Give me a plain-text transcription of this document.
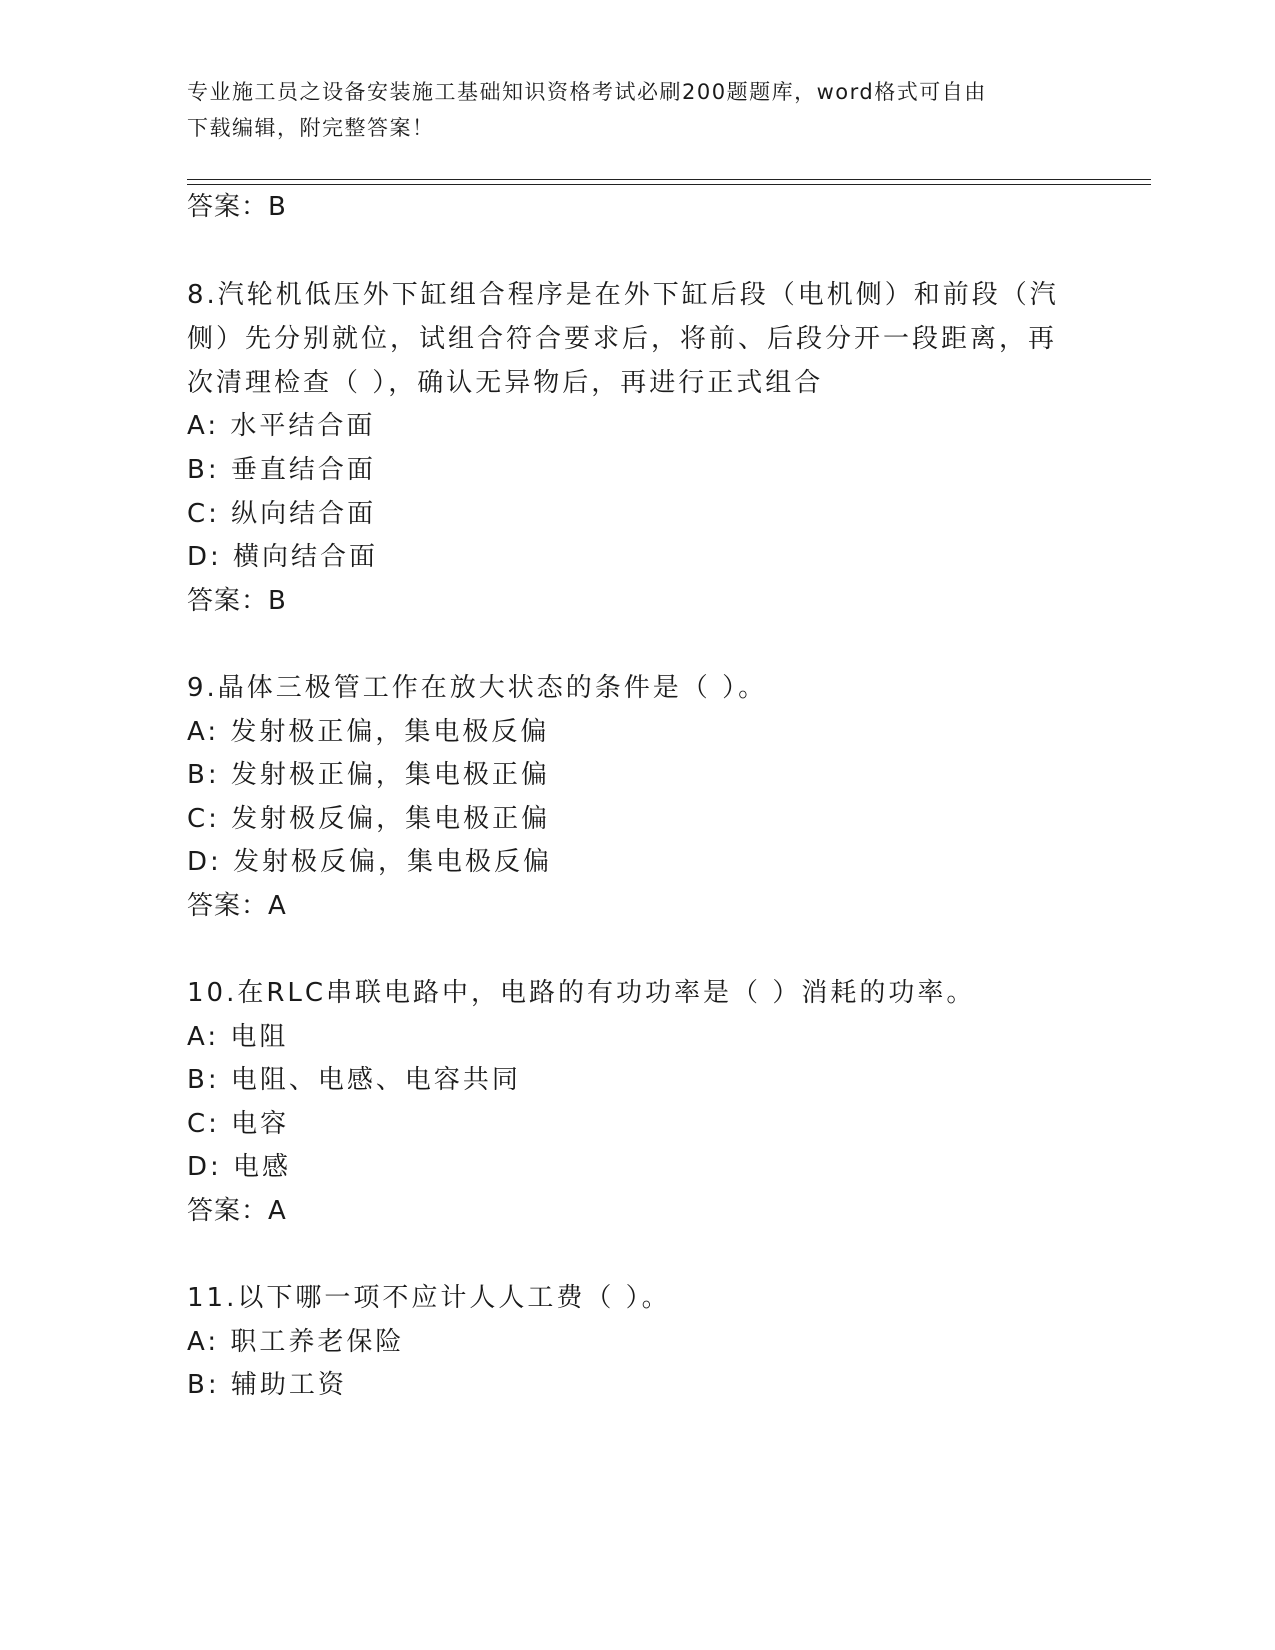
专业施工员之设备安装施工基础知识资格考试必刷200题题库，word格式可自由
下载编辑，附完整答案！
答案：B
8.汽轮机低压外下缸组合程序是在外下缸后段（电机侧）和前段（汽
侧）先分别就位，试组合符合要求后，将前、后段分开一段距离，再
次清理检查（ ），确认无异物后，再进行正式组合
A: 水平结合面
B: 垂直结合面
C: 纵向结合面
D: 横向结合面
答案：B
9.晶体三极管工作在放大状态的条件是（ ）。
A: 发射极正偏，集电极反偏
B: 发射极正偏，集电极正偏
C: 发射极反偏，集电极正偏
D: 发射极反偏，集电极反偏
答案：A
10.在RLC串联电路中，电路的有功功率是（ ）消耗的功率。
A: 电阻
B: 电阻、电感、电容共同
C: 电容
D: 电感
答案：A
11.以下哪一项不应计人人工费（ ）。
A: 职工养老保险
B: 辅助工资
